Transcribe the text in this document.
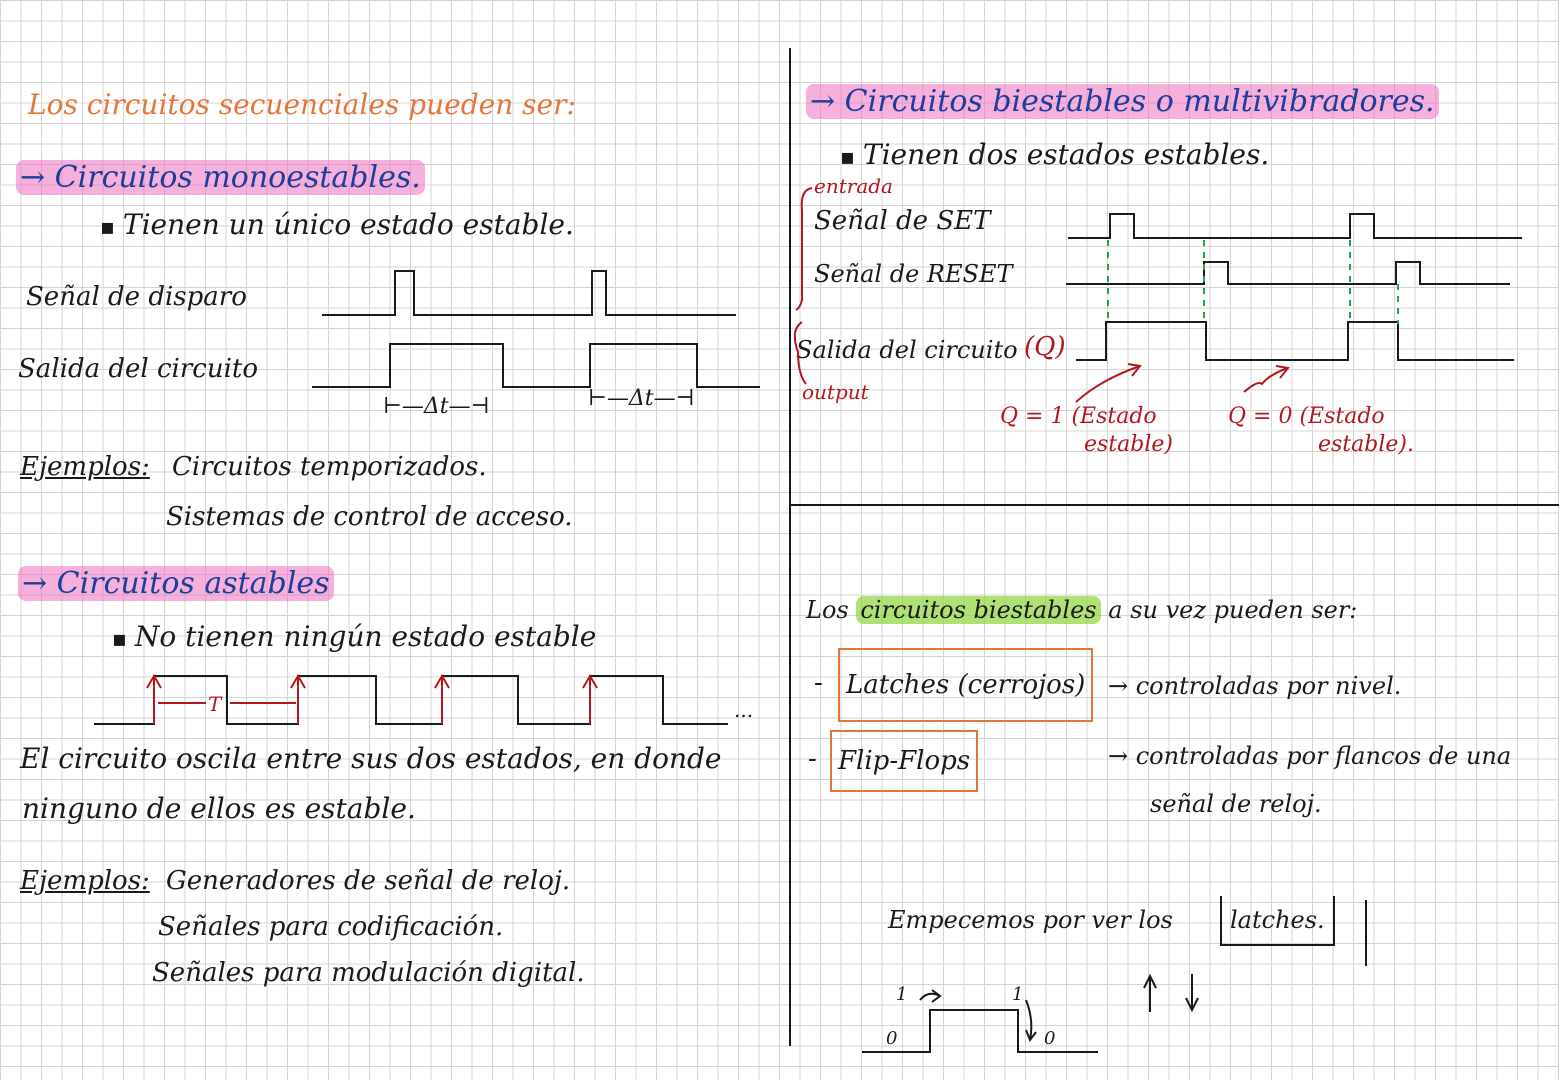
Los circuitos secuenciales pueden ser:
→ Circuitos monoestables.
▪ Tienen un único estado estable.
Señal de disparo
Salida del circuito
⊢—Δt—⊣	⊢—Δt—⊣
Ejemplos: Circuitos temporizados.
Sistemas de control de acceso.
→ Circuitos astables
▪ No tienen ningún estado estable
T	...
El circuito oscila entre sus dos estados, en donde
ninguno de ellos es estable.
Ejemplos: Generadores de señal de reloj.
Señales para codificación.
Señales para modulación digital.
→ Circuitos biestables o multivibradores.
▪ Tienen dos estados estables.
entrada
Señal de SET
Señal de RESET
Salida del circuito (Q)
output
Q = 1 (Estado
estable)
Q = 0 (Estado
estable).
Los circuitos biestables a su vez pueden ser:
- Latches (cerrojos) → controladas por nivel.
- Flip-Flops	→ controladas por flancos de una
señal de reloj.
Empecemos por ver los	latches.
1
0
1
0
